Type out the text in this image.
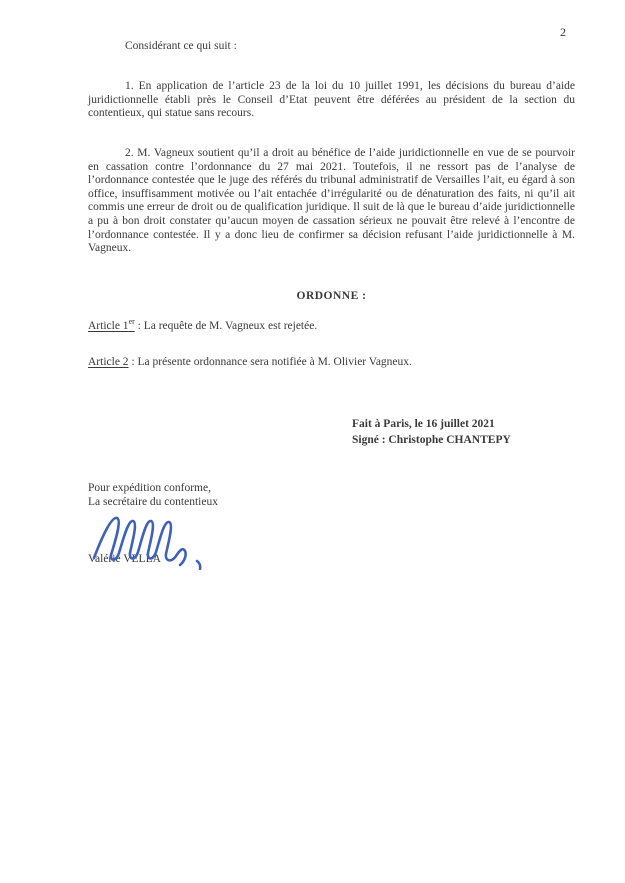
2
Considérant ce qui suit :

1. En application de l’article 23 de la loi du 10 juillet 1991, les décisions du bureau d’aide juridictionnelle établi près le Conseil d’Etat peuvent être déférées au président de la section du contentieux, qui statue sans recours.

2. M. Vagneux soutient qu’il a droit au bénéfice de l’aide juridictionnelle en vue de se pourvoir en cassation contre l’ordonnance du 27 mai 2021. Toutefois, il ne ressort pas de l’analyse de l’ordonnance contestée que le juge des référés du tribunal administratif de Versailles l’ait, eu égard à son office, insuffisamment motivée ou l’ait entachée d’irrégularité ou de dénaturation des faits, ni qu’il ait commis une erreur de droit ou de qualification juridique. Il suit de là que le bureau d’aide juridictionnelle a pu à bon droit constater qu’aucun moyen de cassation sérieux ne pouvait être relevé à l’encontre de l’ordonnance contestée. Il y a donc lieu de confirmer sa décision refusant l’aide juridictionnelle à M. Vagneux.

ORDONNE :

Article 1er : La requête de M. Vagneux est rejetée.

Article 2 : La présente ordonnance sera notifiée à M. Olivier Vagneux.

Fait à Paris, le 16 juillet 2021
Signé : Christophe CHANTEPY

Pour expédition conforme,
La secrétaire du contentieux

Valérie VELLA
